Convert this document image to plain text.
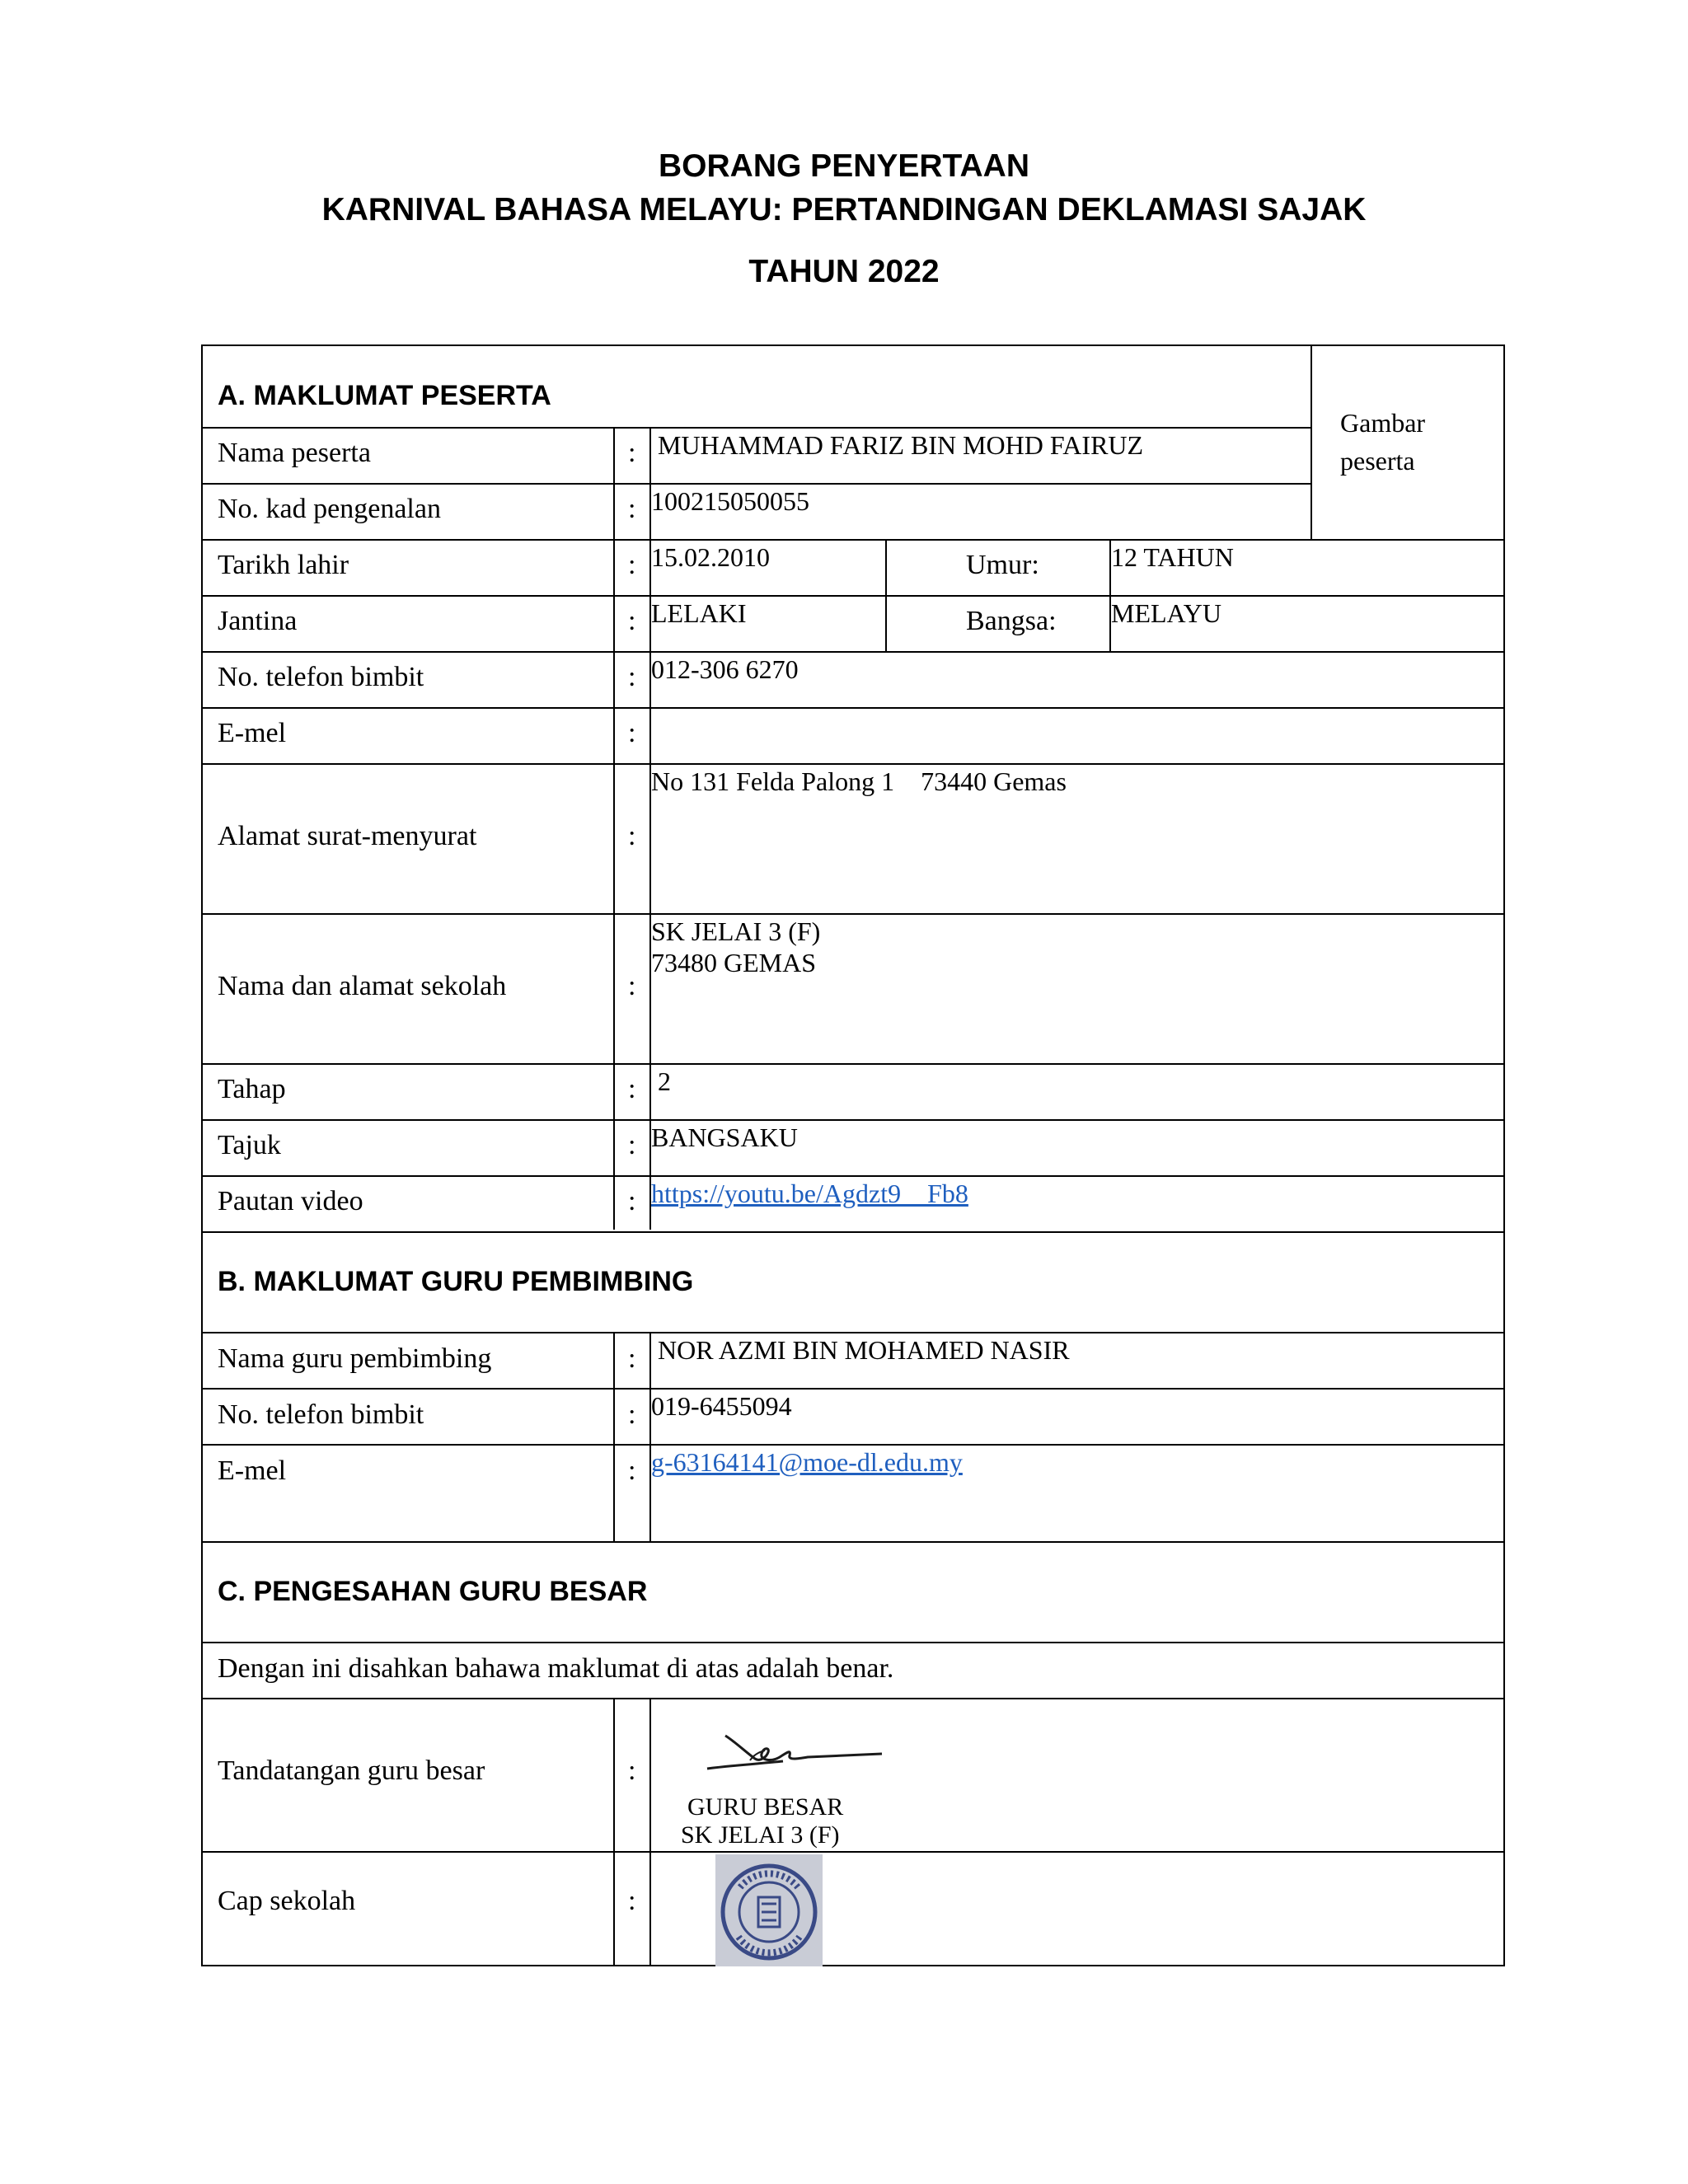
BORANG PENYERTAAN
KARNIVAL BAHASA MELAYU: PERTANDINGAN DEKLAMASI SAJAK
TAHUN 2022
A. MAKLUMAT PESERTA
Gambar peserta
Nama peserta	: MUHAMMAD FARIZ BIN MOHD FAIRUZ
No. kad pengenalan	: 100215050055
Tarikh lahir	: 15.02.2010	Umur:	12 TAHUN
Jantina	: LELAKI	Bangsa: MELAYU
No. telefon bimbit	: 012-306 6270
E-mel	:
Alamat surat-menyurat	:
No 131 Felda Palong 1    73440 Gemas
Nama dan alamat sekolah	:
SK JELAI 3 (F)
73480 GEMAS
Tahap	: 2
Tajuk	: BANGSAKU
Pautan video	: https://youtu.be/Agdzt9__Fb8
B. MAKLUMAT GURU PEMBIMBING
Nama guru pembimbing	: NOR AZMI BIN MOHAMED NASIR
No. telefon bimbit	: 019-6455094
E-mel	: g-63164141@moe-dl.edu.my
C. PENGESAHAN GURU BESAR
Dengan ini disahkan bahawa maklumat di atas adalah benar.
Tandatangan guru besar	:
GURU BESAR
SK JELAI 3 (F)
Cap sekolah	:
